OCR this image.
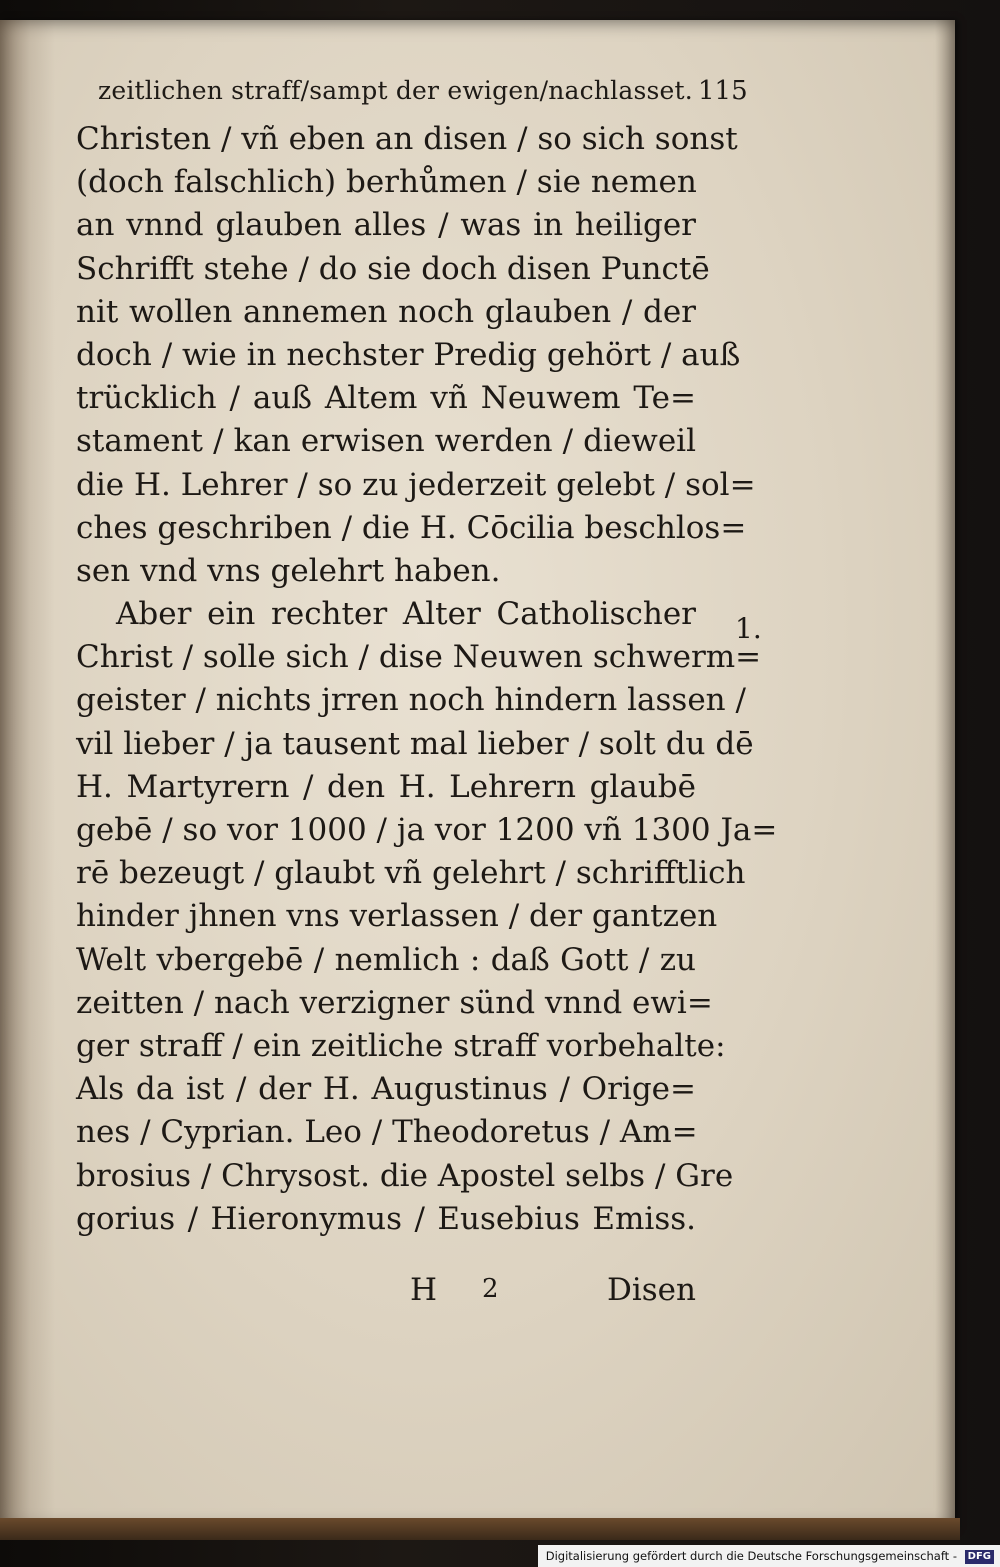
zeitlichen straff/sampt der ewigen/nachlasset. 115
Christen / vñ eben an disen / so sich sonst
(doch falschlich) berhůmen / sie nemen
an vnnd glauben alles / was in heiliger
Schrifft stehe / do sie doch disen Punctē
nit wollen annemen noch glauben / der
doch / wie in nechster Predig gehört / auß
trücklich / auß Altem vñ Neuwem Te=
stament / kan erwisen werden / dieweil
die H. Lehrer / so zu jederzeit gelebt / sol=
ches geschriben / die H. Cōcilia beschlos=
sen vnd vns gelehrt haben.
Aber ein rechter Alter Catholischer
Christ / solle sich / dise Neuwen schwerm=
geister / nichts jrren noch hindern lassen /
vil lieber / ja tausent mal lieber / solt du dē
H. Martyrern / den H. Lehrern glaubē
gebē / so vor 1000 / ja vor 1200 vñ 1300 Ja=
rē bezeugt / glaubt vñ gelehrt / schrifftlich
hinder jhnen vns verlassen / der gantzen
Welt vbergebē / nemlich : daß Gott / zu
zeitten / nach verzigner sünd vnnd ewi=
ger straff / ein zeitliche straff vorbehalte:
Als da ist / der H. Augustinus / Orige=
nes / Cyprian. Leo / Theodoretus / Am=
brosius / Chrysost. die Apostel selbs / Gre
gorius / Hieronymus / Eusebius Emiss.
1.
H 2	Disen
Digitalisierung gefördert durch die Deutsche Forschungsgemeinschaft - DFG
